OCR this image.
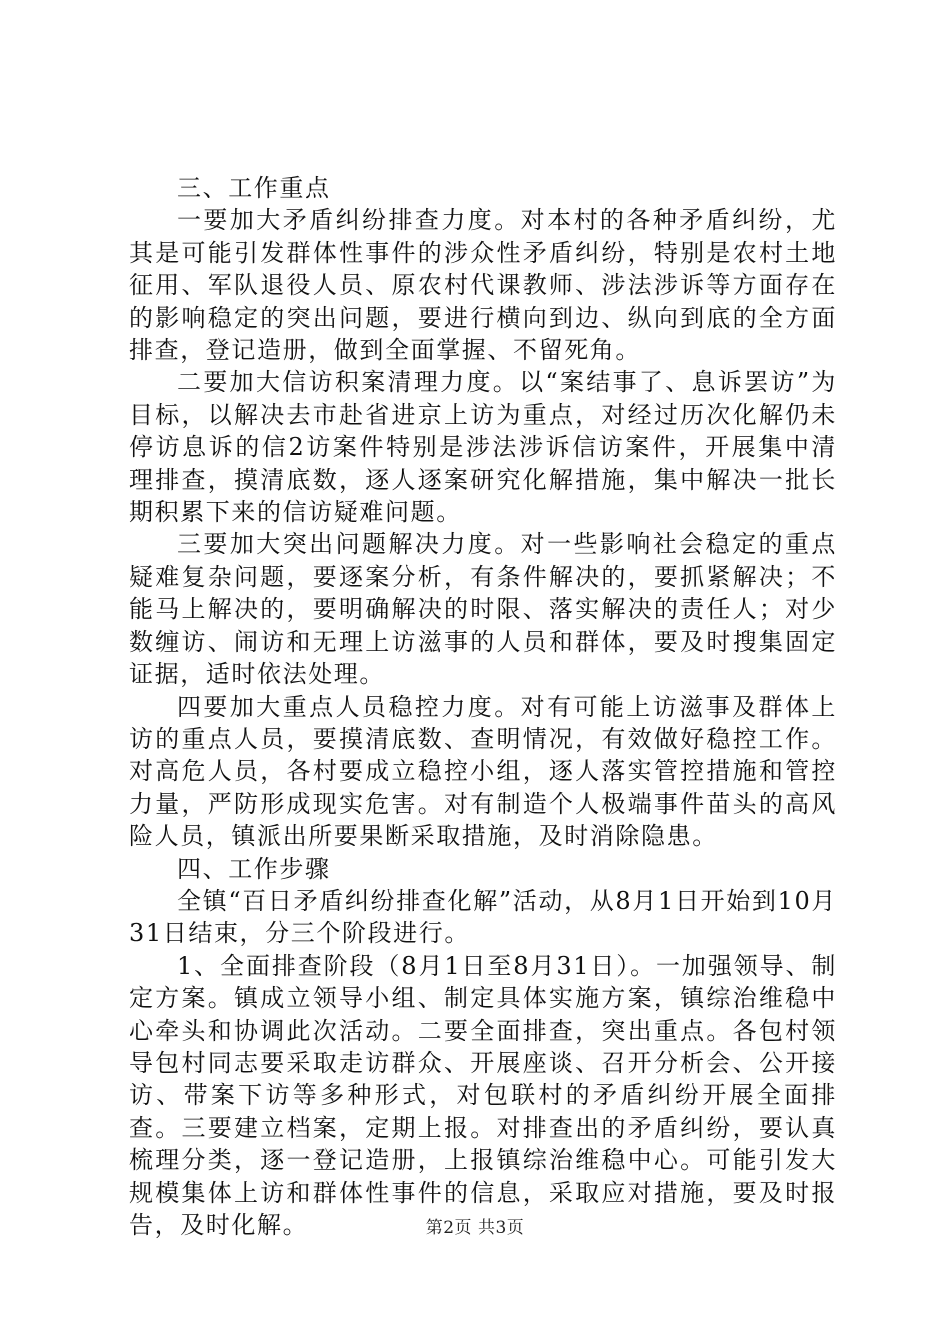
三、工作重点

一要加大矛盾纠纷排查力度。对本村的各种矛盾纠纷，尤其是可能引发群体性事件的涉众性矛盾纠纷，特别是农村土地征用、军队退役人员、原农村代课教师、涉法涉诉等方面存在的影响稳定的突出问题，要进行横向到边、纵向到底的全方面排查，登记造册，做到全面掌握、不留死角。

二要加大信访积案清理力度。以“案结事了、息诉罢访”为目标，以解决去市赴省进京上访为重点，对经过历次化解仍未停访息诉的信2访案件特别是涉法涉诉信访案件，开展集中清理排查，摸清底数，逐人逐案研究化解措施，集中解决一批长期积累下来的信访疑难问题。

三要加大突出问题解决力度。对一些影响社会稳定的重点疑难复杂问题，要逐案分析，有条件解决的，要抓紧解决；不能马上解决的，要明确解决的时限、落实解决的责任人；对少数缠访、闹访和无理上访滋事的人员和群体，要及时搜集固定证据，适时依法处理。

四要加大重点人员稳控力度。对有可能上访滋事及群体上访的重点人员，要摸清底数、查明情况，有效做好稳控工作。对高危人员，各村要成立稳控小组，逐人落实管控措施和管控力量，严防形成现实危害。对有制造个人极端事件苗头的高风险人员，镇派出所要果断采取措施，及时消除隐患。

四、工作步骤

全镇“百日矛盾纠纷排查化解”活动，从8月1日开始到10月31日结束，分三个阶段进行。

1、全面排查阶段（8月1日至8月31日）。一加强领导、制定方案。镇成立领导小组、制定具体实施方案，镇综治维稳中心牵头和协调此次活动。二要全面排查，突出重点。各包村领导包村同志要采取走访群众、开展座谈、召开分析会、公开接访、带案下访等多种形式，对包联村的矛盾纠纷开展全面排查。三要建立档案，定期上报。对排查出的矛盾纠纷，要认真梳理分类，逐一登记造册，上报镇综治维稳中心。可能引发大规模集体上访和群体性事件的信息，采取应对措施，要及时报告，及时化解。	第2页 共3页
